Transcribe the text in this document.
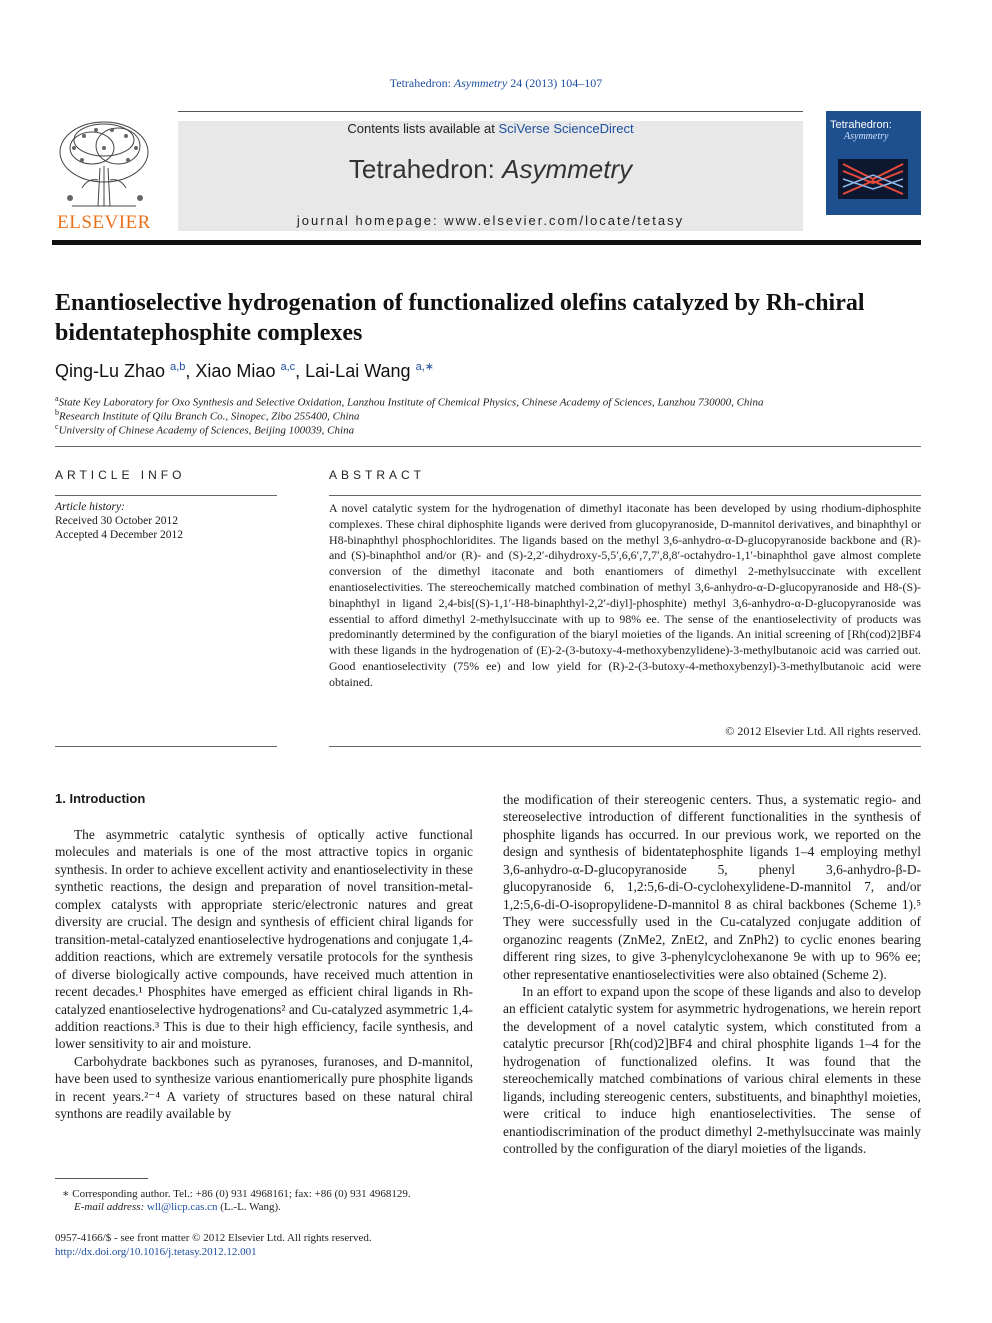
Tetrahedron: Asymmetry 24 (2013) 104–107
ELSEVIER
Contents lists available at SciVerse ScienceDirect
Tetrahedron: Asymmetry
journal homepage: www.elsevier.com/locate/tetasy
Tetrahedron:
Asymmetry
Enantioselective hydrogenation of functionalized olefins catalyzed by Rh-chiral bidentatephosphite complexes
Qing-Lu Zhao $^{a,b}$, Xiao Miao $^{a,c}$, Lai-Lai Wang $^{a,∗}$
$^a$State Key Laboratory for Oxo Synthesis and Selective Oxidation, Lanzhou Institute of Chemical Physics, Chinese Academy of Sciences, Lanzhou 730000, China
$^b$Research Institute of Qilu Branch Co., Sinopec, Zibo 255400, China
$^c$University of Chinese Academy of Sciences, Beijing 100039, China
ARTICLE INFO
Article history:
Received 30 October 2012
Accepted 4 December 2012
ABSTRACT
A novel catalytic system for the hydrogenation of dimethyl itaconate has been developed by using rhodium-diphosphite complexes. These chiral diphosphite ligands were derived from glucopyranoside, D-mannitol derivatives, and binaphthyl or H8-binaphthyl phosphochloridites. The ligands based on the methyl 3,6-anhydro-α-D-glucopyranoside backbone and (R)- and (S)-binaphthol and/or (R)- and (S)-2,2′-dihydroxy-5,5′,6,6′,7,7′,8,8′-octahydro-1,1′-binaphthol gave almost complete conversion of the dimethyl itaconate and both enantiomers of dimethyl 2-methylsuccinate with excellent enantioselectivities. The stereochemically matched combination of methyl 3,6-anhydro-α-D-glucopyranoside and H8-(S)-binaphthyl in ligand 2,4-bis[(S)-1,1′-H8-binaphthyl-2,2′-diyl]-phosphite) methyl 3,6-anhydro-α-D-glucopyranoside was essential to afford dimethyl 2-methylsuccinate with up to 98% ee. The sense of the enantioselectivity of products was predominantly determined by the configuration of the biaryl moieties of the ligands. An initial screening of [Rh(cod)2]BF4 with these ligands in the hydrogenation of (E)-2-(3-butoxy-4-methoxybenzylidene)-3-methylbutanoic acid was carried out. Good enantioselectivity (75% ee) and low yield for (R)-2-(3-butoxy-4-methoxybenzyl)-3-methylbutanoic acid were obtained.
© 2012 Elsevier Ltd. All rights reserved.
1. Introduction

The asymmetric catalytic synthesis of optically active functional molecules and materials is one of the most attractive topics in organic synthesis. In order to achieve excellent activity and enantioselectivity in these synthetic reactions, the design and preparation of novel transition-metal-complex catalysts with appropriate steric/electronic natures and great diversity are crucial. The design and synthesis of efficient chiral ligands for transition-metal-catalyzed enantioselective hydrogenations and conjugate 1,4-addition reactions, which are extremely versatile protocols for the synthesis of diverse biologically active compounds, have received much attention in recent decades.¹ Phosphites have emerged as efficient chiral ligands in Rh-catalyzed enantioselective hydrogenations² and Cu-catalyzed asymmetric 1,4-addition reactions.³ This is due to their high efficiency, facile synthesis, and lower sensitivity to air and moisture.

Carbohydrate backbones such as pyranoses, furanoses, and D-mannitol, have been used to synthesize various enantiomerically pure phosphite ligands in recent years.²⁻⁴ A variety of structures based on these natural chiral synthons are readily available by

the modification of their stereogenic centers. Thus, a systematic regio- and stereoselective introduction of different functionalities in the synthesis of phosphite ligands has occurred. In our previous work, we reported on the design and synthesis of bidentatephosphite ligands 1–4 employing methyl 3,6-anhydro-α-D-glucopyranoside 5, phenyl 3,6-anhydro-β-D-glucopyranoside 6, 1,2:5,6-di-O-cyclohexylidene-D-mannitol 7, and/or 1,2:5,6-di-O-isopropylidene-D-mannitol 8 as chiral backbones (Scheme 1).⁵ They were successfully used in the Cu-catalyzed conjugate addition of organozinc reagents (ZnMe2, ZnEt2, and ZnPh2) to cyclic enones bearing different ring sizes, to give 3-phenylcyclohexanone 9e with up to 96% ee; other representative enantioselectivities were also obtained (Scheme 2).

In an effort to expand upon the scope of these ligands and also to develop an efficient catalytic system for asymmetric hydrogenations, we herein report the development of a novel catalytic system, which constituted from a catalytic precursor [Rh(cod)2]BF4 and chiral phosphite ligands 1–4 for the hydrogenation of functionalized olefins. It was found that the stereochemically matched combinations of various chiral elements in these ligands, including stereogenic centers, substituents, and binaphthyl moieties, were critical to induce high enantioselectivities. The sense of enantiodiscrimination of the product dimethyl 2-methylsuccinate was mainly controlled by the configuration of the diaryl moieties of the ligands.

∗ Corresponding author. Tel.: +86 (0) 931 4968161; fax: +86 (0) 931 4968129.
E-mail address: wll@licp.cas.cn (L.-L. Wang).
0957-4166/$ - see front matter © 2012 Elsevier Ltd. All rights reserved.
http://dx.doi.org/10.1016/j.tetasy.2012.12.001
